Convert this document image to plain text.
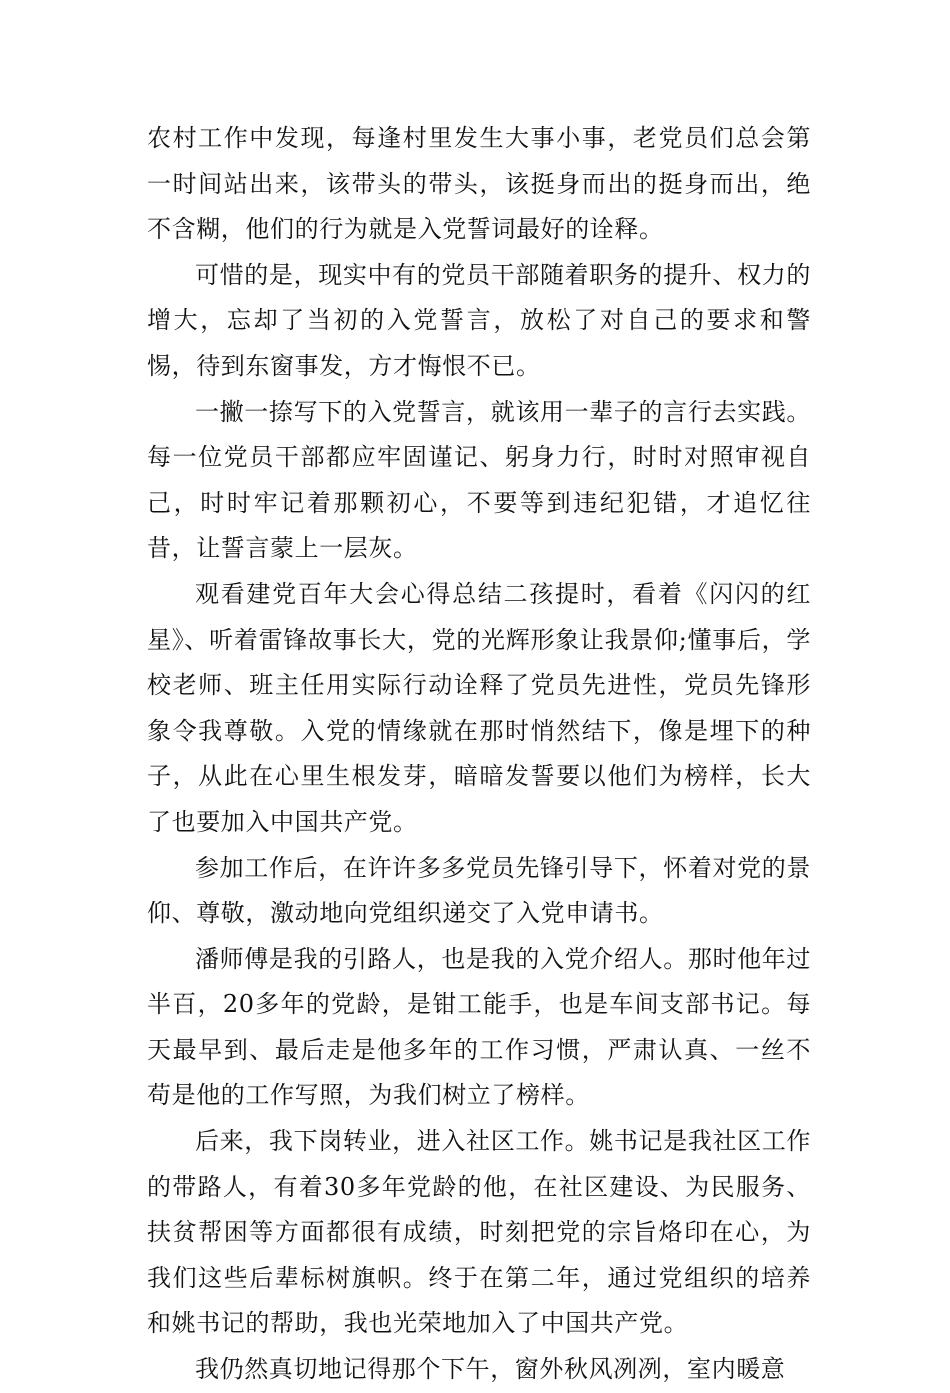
农村工作中发现，每逢村里发生大事小事，老党员们总会第一时间站出来，该带头的带头，该挺身而出的挺身而出，绝不含糊，他们的行为就是入党誓词最好的诠释。

可惜的是，现实中有的党员干部随着职务的提升、权力的增大，忘却了当初的入党誓言，放松了对自己的要求和警惕，待到东窗事发，方才悔恨不已。

一撇一捺写下的入党誓言，就该用一辈子的言行去实践。每一位党员干部都应牢固谨记、躬身力行，时时对照审视自己，时时牢记着那颗初心，不要等到违纪犯错，才追忆往昔，让誓言蒙上一层灰。

观看建党百年大会心得总结二孩提时，看着《闪闪的红星》、听着雷锋故事长大，党的光辉形象让我景仰;懂事后，学校老师、班主任用实际行动诠释了党员先进性，党员先锋形象令我尊敬。入党的情缘就在那时悄然结下，像是埋下的种子，从此在心里生根发芽，暗暗发誓要以他们为榜样，长大了也要加入中国共产党。

参加工作后，在许许多多党员先锋引导下，怀着对党的景仰、尊敬，激动地向党组织递交了入党申请书。

潘师傅是我的引路人，也是我的入党介绍人。那时他年过半百，20多年的党龄，是钳工能手，也是车间支部书记。每天最早到、最后走是他多年的工作习惯，严肃认真、一丝不苟是他的工作写照，为我们树立了榜样。

后来，我下岗转业，进入社区工作。姚书记是我社区工作的带路人，有着30多年党龄的他，在社区建设、为民服务、扶贫帮困等方面都很有成绩，时刻把党的宗旨烙印在心，为我们这些后辈标树旗帜。终于在第二年，通过党组织的培养和姚书记的帮助，我也光荣地加入了中国共产党。

我仍然真切地记得那个下午，窗外秋风冽冽，室内暖意
